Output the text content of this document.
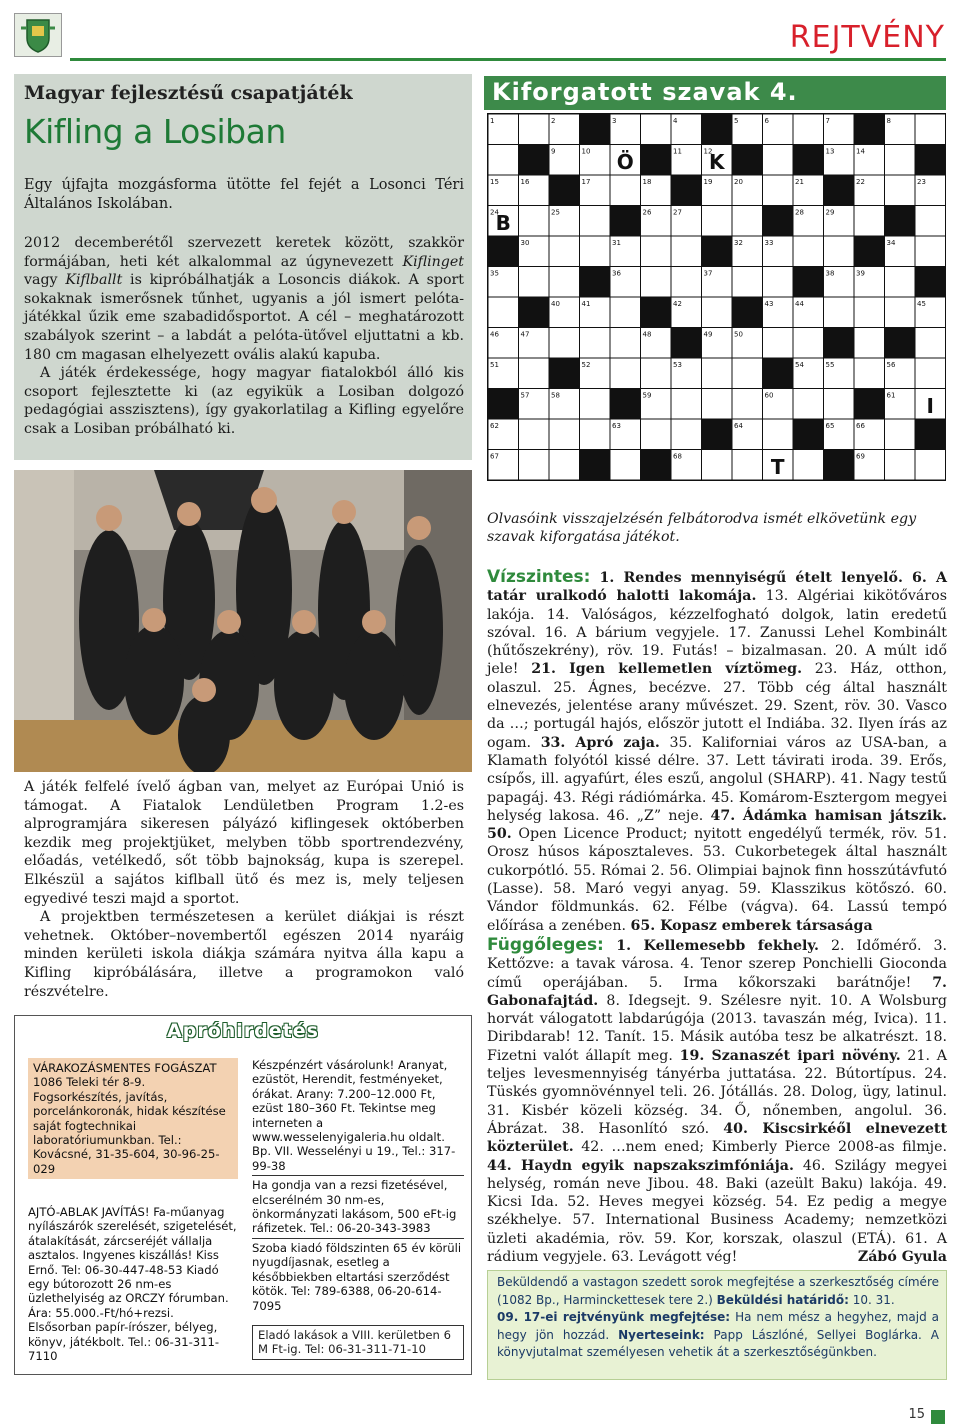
REJTVÉNY
Magyar fejlesztésű csapatjáték
Kifling a Losiban
Egy újfajta mozgásforma ütötte fel fejét a Losonci Téri Általános Iskolában.

2012 decemberétől szervezett keretek között, szakkör formájában, heti két alkalommal az úgynevezett Kiflinget vagy Kiflballt is kipróbálhatják a Losoncis diákok. A sport sokaknak ismerősnek tűnhet, ugyanis a jól ismert pelóta-játékkal űzik eme szabadidősportot. A cél – meghatározott szabályok szerint – a labdát a pelóta-ütővel eljuttatni a kb. 180 cm magasan elhelyezett ovális alakú kapuba.

A játék érdekessége, hogy magyar fiatalokból álló kis csoport fejlesztette ki (az egyikük a Losiban dolgozó pedagógiai asszisztens), így gyakorlatilag a Kifling egyelőre csak a Losiban próbálható ki.

A játék felfelé ívelő ágban van, melyet az Európai Unió is támogat. A Fiatalok Lendületben Program 1.2-es alprogramjára sikeresen pályázó kiflingesek októberben kezdik meg projektjüket, melyben több sportrendezvény, előadás, vetélkedő, sőt több bajnokság, kupa is szerepel. Elkészül a sajátos kiflball ütő és mez is, mely teljesen egyedivé teszi majd a sportot.

A projektben természetesen a kerület diákjai is részt vehetnek. Október–novembertől egészen 2014 nyaráig minden kerületi iskola diákja számára nyitva álla kapu a Kifling kipróbálására, illetve a programokon való részvételre.

Apróhirdetés
VÁRAKOZÁSMENTES FOGÁSZAT 1086 Teleki tér 8-9. Fogsorkészítés, javítás, porcelánkoronák, hidak készítése saját fogtechnikai laboratóriumunkban. Tel.: Kovácsné, 31-35-604, 30-96-25-029
AJTÓ-ABLAK JAVÍTÁS! Fa-műanyag nyílászárók szerelését, szigetelését, átalakítását, zárcseréjét vállalja asztalos. Ingyenes kiszállás! Kiss Ernő. Tel: 06-30-447-48-53 Kiadó egy bútorozott 26 nm-es üzlethelyiség az ORCZY fórumban. Ára: 55.000.-Ft/hó+rezsi. Elsősorban papír-írószer, bélyeg, könyv, játékbolt. Tel.: 06-31-311-7110
Készpénzért vásárolunk! Aranyat, ezüstöt, Herendit, festményeket, órákat. Arany: 7.200–12.000 Ft, ezüst 180–360 Ft. Tekintse meg interneten a www.wesselenyigaleria.hu oldalt. Bp. VII. Wesselényi u 19., Tel.: 317-99-38
Ha gondja van a rezsi fizetésével, elcserélném 30 nm-es, önkormányzati lakásom, 500 eFt-ig ráfizetek. Tel.: 06-20-343-3983
Szoba kiadó földszinten 65 év körüli nyugdíjasnak, esetleg a későbbiekben eltartási szerződést kötök. Tel: 789-6388, 06-20-614-7095
Eladó lakások a VIII. kerületben 6 M Ft-ig. Tel: 06-31-311-71-10
Kiforgatott szavak 4.
1	2	3	4	5	6	7	8
9	10	11	12	13	14
15	16	17	18	19	20	21	22	23
24	25	26	27	28	29
30	31	32	33	34
35	36	37	38	39
40	41	42	43	44	45
46	47	48	49	50
51	52	53	54	55	56
57	58	59	60	61
62	63	64	65	66
67	68	69
Ö	K
B
I
T
Olvasóink visszajelzésén felbátorodva ismét elkövetünk egy szavak kiforgatása játékot.
Vízszintes: 1. Rendes mennyiségű ételt lenyelő. 6. A tatár uralkodó halotti lakomája. 13. Algériai kikötőváros lakója. 14. Valóságos, kézzelfogható dolgok, latin eredetű szóval. 16. A bárium vegyjele. 17. Zanussi Lehel Kombinált (hűtőszekrény), röv. 19. Futás! – bizalmasan. 20. A múlt idő jele! 21. Igen kellemetlen víztömeg. 23. Ház, otthon, olaszul. 25. Ágnes, becézve. 27. Több cég által használt elnevezés, jelentése arany művészet. 29. Szent, röv. 30. Vasco da …; portugál hajós, először jutott el Indiába. 32. Ilyen írás az ogam. 33. Apró zaja. 35. Kaliforniai város az USA-ban, a Klamath folyótól kissé délre. 37. Lett távirati iroda. 39. Erős, csípős, ill. agyafúrt, éles eszű, angolul (SHARP). 41. Nagy testű papagáj. 43. Régi rádiómárka. 45. Komárom-Esztergom megyei helység lakosa. 46. „Z” neje. 47. Ádámka hamisan játszik. 50. Open Licence Product; nyitott engedélyű termék, röv. 51. Orosz húsos káposztaleves. 53. Cukorbetegek által használt cukorpótló. 55. Római 2. 56. Olimpiai bajnok finn hosszútávfutó (Lasse). 58. Maró vegyi anyag. 59. Klasszikus kötőszó. 60. Vándor földmunkás. 62. Félbe (vágva). 64. Lassú tempó előírása a zenében. 65. Kopasz emberek társasága
Függőleges: 1. Kellemesebb fekhely. 2. Időmérő. 3. Kettőzve: a tavak városa. 4. Tenor szerep Ponchielli Gioconda című operájában. 5. Irma kőkorszaki barátnője! 7. Gabonafajtád. 8. Idegsejt. 9. Szélesre nyit. 10. A Wolsburg horvát válogatott labdarúgója (2013. tavaszán még, Ivica). 11. Diribdarab! 12. Tanít. 15. Másik autóba tesz be alkatrészt. 18. Fizetni valót állapít meg. 19. Szanaszét ipari növény. 21. A teljes levesmennyiség tányérba juttatása. 22. Bútortípus. 24. Tüskés gyomnövénnyel teli. 26. Jótállás. 28. Dolog, ügy, latinul. 31. Kisbér közeli község. 34. Ő, nőnemben, angolul. 36. Ábrázat. 38. Hasonlító szó. 40. Kiscsirkéől elnevezett közterület. 42. …nem ened; Kimberly Pierce 2008-as filmje. 44. Haydn egyik napszakszimfóniája. 46. Szilágy megyei helység, román neve Jibou. 48. Baki (azeült Baku) lakója. 49. Kicsi Ida. 52. Heves megyei község. 54. Ez pedig a megye székhelye. 57. International Business Academy; nemzetközi üzleti akadémia, röv. 59. Kor, korszak, olaszul (ETÁ). 61. A rádium vegyjele. 63. Levágott vég!	Zábó Gyula
Beküldendő a vastagon szedett sorok megfejtése a szerkesztőség címére (1082 Bp., Harminckettesek tere 2.) Beküldési határidő: 10. 31.
09. 17-ei rejtvényünk megfejtése: Ha nem mész a hegyhez, majd a hegy jön hozzád. Nyerteseink: Papp Lászlóné, Sellyei Boglárka. A könyvjutalmat személyesen vehetik át a szerkesztőségünkben.
15
